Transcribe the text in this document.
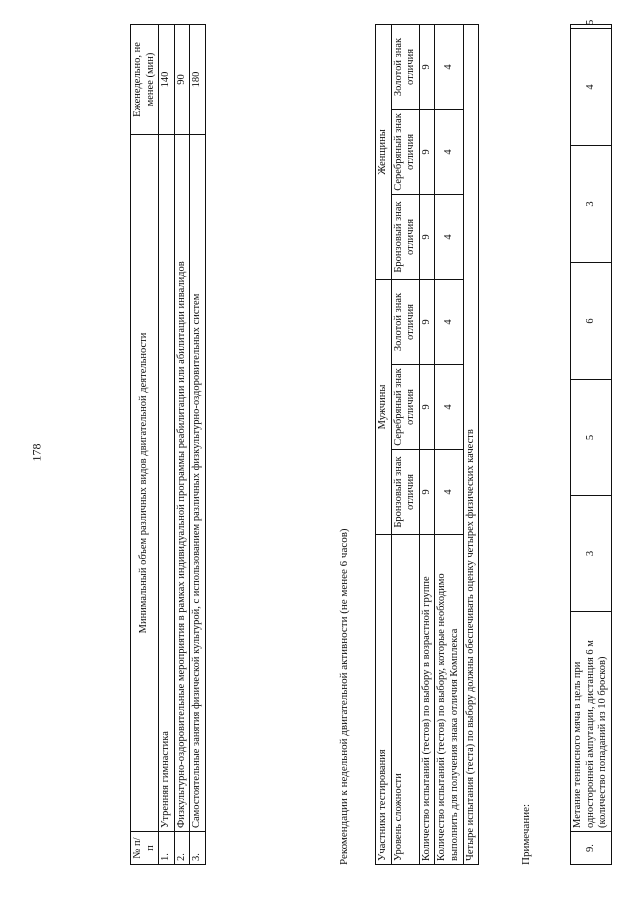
9.	Метание теннисного мяча в цель при односторонней ампутации, дистанция 6 м (количество попаданий из 10 бросков)	3	5	6	3	4	5
Примечание:
Участники тестирования	Мужчины			Женщины		
Уровень сложности	Бронзовый знак отличия	Серебряный знак отличия	Золотой знак отличия	Бронзовый знак отличия	Серебряный знак отличия	Золотой знак отличия
Количество испытаний (тестов) по выбору в возрастной группе	9	9	9	9	9	9
Количество испытаний (тестов) по выбору, которые необходимо выполнить для получения знака отличия Комплекса	4	4	4	4	4	4
Четыре испытания (теста) по выбору должны обеспечивать оценку четырех физических качеств						
Рекомендации к недельной двигательной активности (не менее 6 часов)
№ п/п	Минимальный объем различных видов двигательной деятельности	Еженедельно, не менее (мин)
1.	Утренняя гимнастика	140
2.	Физкультурно-оздоровительные мероприятия в рамках индивидуальной программы реабилитации или абилитации инвалидов	90
3.	Самостоятельные занятия физической культурой, с использованием различных физкультурно-оздоровительных систем	180
178
